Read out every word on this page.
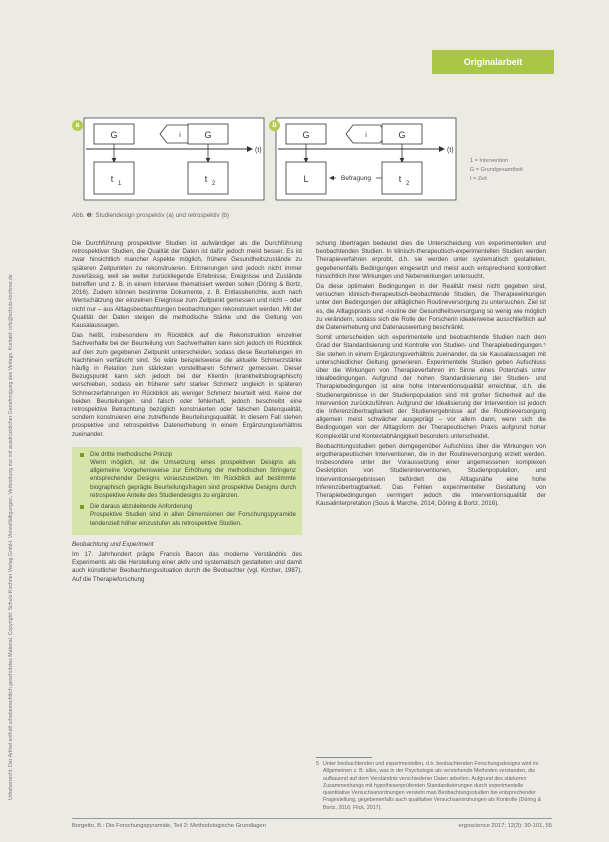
Urheberrecht: Der Artikel enthält urheberrechtlich geschütztes Material. Copyright: Schulz-Kirchner Verlag GmbH. Vervielfältigungen, Verbreitung nur mit ausdrücklicher Genehmigung des Verlags. Kontakt: info@schulz-kirchner.de
Originalarbeit
G	i	G
(t)
t 1	t 2
G	i	G
(t)
L	t 2
Befragung
a	b
1 = Intervention
G = Grundgesamtheit
t = Zeit
Abb. ❷: Studiendesign prospektiv (a) und retrospektiv (b)

Die Durchführung prospektiver Studien ist aufwändiger als die Durchführung retrospektiver Studien, die Qualität der Daten ist dafür jedoch meist besser. Es ist zwar hinsichtlich mancher Aspekte möglich, frühere Gesundheitszustände zu späteren Zeitpunkten zu rekonstruieren. Erinnerungen sind jedoch nicht immer zuverlässig, weil sie weiter zurückliegende Erlebnisse, Ereignisse und Zustände betreffen und z. B. in einem Interview thematisiert werden sollen (Döring & Bortz, 2016). Zudem können bestimmte Dokumente, z. B. Entlassberichte, auch nach Wertschätzung der einzelnen Ereignisse zum Zeitpunkt gemessen und nicht – oder nicht nur – aus Alltagsbeobachtungen beobachtungen rekonstruiert werden. Mit der Qualität der Daten steigen die methodische Stärke und die Geltung von Kausalaussagen.

Das heißt, insbesondere im Rückblick auf die Rekonstruktion einzelner Sachverhalte bei der Beurteilung von Sachverhalten kann sich jedoch im Rückblick auf den zum gegebenen Zeitpunkt unterscheiden, sodass diese Beurteilungen im Nachhinein verfälscht sind. So wäre beispielsweise die aktuelle Schmerzstärke häufig in Relation zum stärksten vorstellbaren Schmerz gemessen. Dieser Bezugspunkt kann sich jedoch bei der Klientin (krankheitsbiographisch) verschieben, sodass ein früherer sehr starker Schmerz ungleich in späteren Schmerzerfahrungen im Rückblick als weniger Schmerz beurteilt wird. Keine der beiden Beurteilungen sind falsch oder fehlerhaft, jedoch beschreibt eine retrospektive Betrachtung bezüglich konstruierten oder falschen Datenqualität, sondern konstruieren eine zutreffende Beurteilungsqualität. In diesem Fall stehen prospektive und retrospektive Datenerhebung in einem Ergänzungsverhältnis zueinander.

Die dritte methodische Prinzip
Wenn möglich, ist die Umsetzung eines prospektiven Designs als allgemeine Vorgehensweise zur Erhöhung der methodischen Stringenz entsprechender Designs vorauszusetzen. Im Rückblick auf bestimmte biographisch geprägte Beurteilungsfragen sind prospektive Designs durch retrospektive Anteile des Studiendesigns zu ergänzen.
Die daraus abzuleitende Anforderung
Prospektive Studien sind in allen Dimensionen der Forschungspyramide tendenziell höher einzustufen als retrospektive Studien.

Beobachtung und Experiment

Im 17. Jahrhundert prägte Francis Bacon das moderne Verständnis des Experiments als die Herstellung einer aktiv und systematisch gestalteten und damit auch künstlicher Beobachtungssituation durch die Beobachter (vgl. Kircher, 1987). Auf die Therapieforschung

schung übertragen bedeutet dies die Unterscheidung von experimentellen und beobachtenden Studien. In klinisch-therapeutisch-experimentellen Studien werden Therapieverfahren erprobt, d.h. sie werden unter systematisch gestalteten, gegebenenfalls Bedingungen eingesetzt und meist auch entsprechend kontrolliert hinsichtlich ihrer Wirkungen und Nebenwirkungen untersucht.

Da diese optimalen Bedingungen in der Realität meist nicht gegeben sind, versuchen klinisch-therapeutisch-beobachtende Studien, die Therapiewirkungen unter den Bedingungen der alltäglichen Routineversorgung zu untersuchen. Ziel ist es, die Alltagspraxis und -routine der Gesundheitsversorgung so wenig wie möglich zu verändern, sodass sich die Rolle der Forscherin idealerweise ausschließlich auf die Datenerhebung und Datenauswertung beschränkt.

Somit unterscheiden sich experimentelle und beobachtende Studien nach dem Grad der Standardisierung und Kontrolle von Studien- und Therapiebedingungen.⁵ Sie stehen in einem Ergänzungsverhältnis zueinander, da sie Kausalaussagen mit unterschiedlicher Geltung generieren. Experimentelle Studien geben Aufschluss über die Wirkungen von Therapieverfahren im Sinne eines Potenzials unter Idealbedingungen. Aufgrund der hohen Standardisierung der Studien- und Therapiebedingungen ist eine hohe Interventionsqualität erreichbar, d.h. die Studienergebnisse in der Studienpopulation sind mit großer Sicherheit auf die Intervention zurückzuführen. Aufgrund der Idealisierung der Intervention ist jedoch die Inferenzübertragbarkeit der Studienergebnisse auf die Routineversorgung allgemein meist schwächer ausgeprägt – vor allem dann, wenn sich die Bedingungen von der Alltagsform der Therapeutischen Praxis aufgrund hoher Komplexität und Kontextabhängigkeit besonders unterscheidet.

Beobachtungsstudien geben demgegenüber Aufschluss über die Wirkungen von ergotherapeutischen Interventionen, die in der Routineversorgung erzielt werden. Insbesondere unter der Voraussetzung einer angemessenen komplexen Deskription von Studieninterventionen, Studienpopulation, und Interventionsergebnissen befördert die Alltagsnähe eine hohe Inferenzübertragbarkeit. Das Fehlen experimenteller Gestaltung von Therapiebedingungen verringert jedoch die Interventionsqualität der Kausalinterpretation (Sous & Marche, 2014; Döring & Bortz, 2016).

5 Unter beobachtenden und experimentellen, d.h. beobachtenden Forschungsdesigns wird im Allgemeinen z. B. alles, was in der Psychologie als verstehende Methoden verstanden, die aufbauend auf dem Verständnis verschiedener Daten arbeiten. Aufgrund des stärkeren Zusammenhangs mit hypothesenprüfenden Standardisierungen durch experimentelle quantitative Versuchsanordnungen versteht man Beobachtungsstudien bei entsprechender Fragestellung, gegebenenfalls auch qualitative Versuchsanordnungen als Kontrolle (Döring & Bortz, 2016; Flick, 2017).
Borgetto, B.: Die Forschungspyramide, Teil 2: Methodologische Grundlagen	ergoscience 2017; 12(3): 30-101, 55
